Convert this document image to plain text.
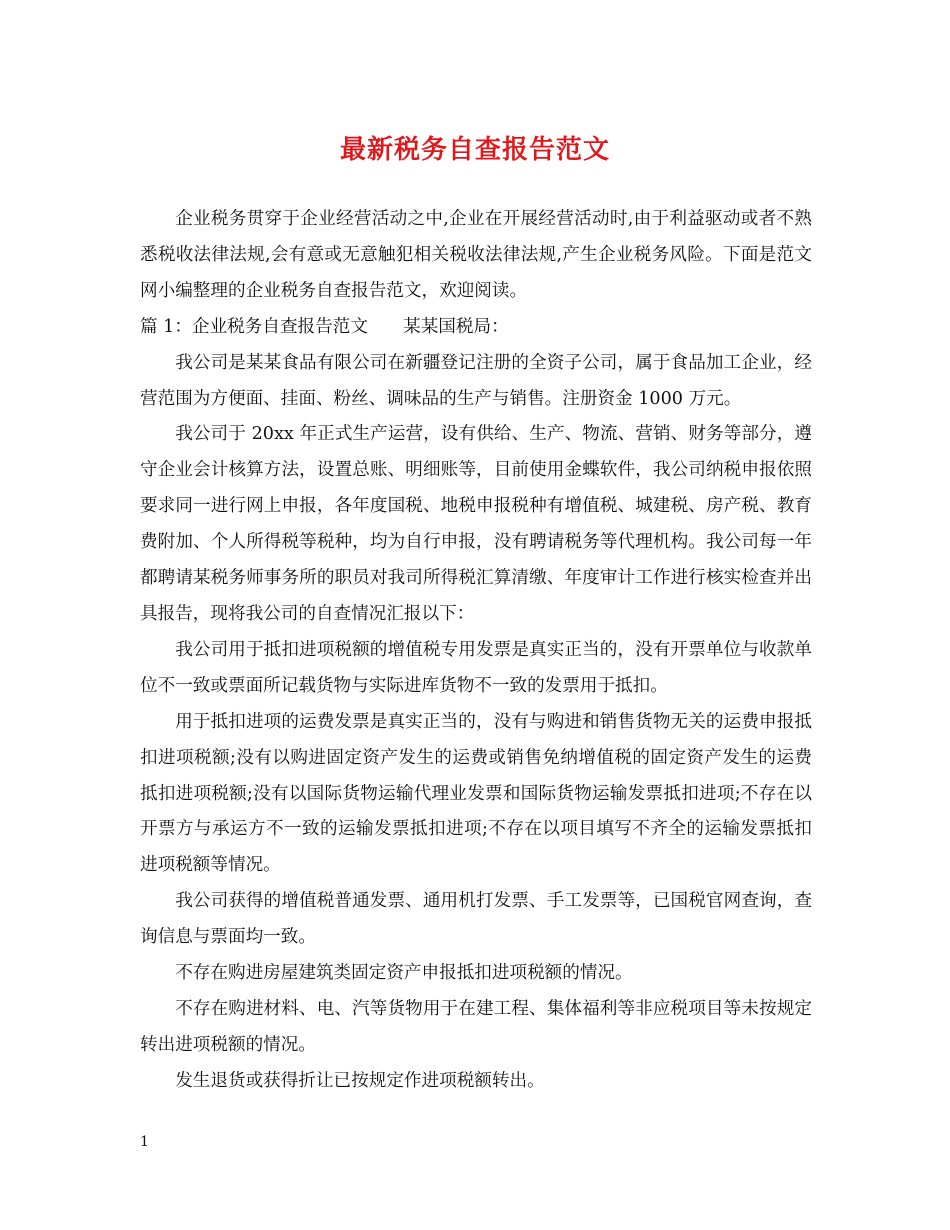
最新税务自查报告范文

企业税务贯穿于企业经营活动之中,企业在开展经营活动时,由于利益驱动或者不熟悉税收法律法规,会有意或无意触犯相关税收法律法规,产生企业税务风险。下面是范文网小编整理的企业税务自查报告范文，欢迎阅读。

篇 1：企业税务自查报告范文　　某某国税局：

我公司是某某食品有限公司在新疆登记注册的全资子公司，属于食品加工企业，经营范围为方便面、挂面、粉丝、调味品的生产与销售。注册资金 1000 万元。

我公司于 20xx 年正式生产运营，设有供给、生产、物流、营销、财务等部分，遵守企业会计核算方法，设置总账、明细账等，目前使用金蝶软件，我公司纳税申报依照要求同一进行网上申报，各年度国税、地税申报税种有增值税、城建税、房产税、教育费附加、个人所得税等税种，均为自行申报，没有聘请税务等代理机构。我公司每一年都聘请某税务师事务所的职员对我司所得税汇算清缴、年度审计工作进行核实检查并出具报告，现将我公司的自查情况汇报以下：

我公司用于抵扣进项税额的增值税专用发票是真实正当的，没有开票单位与收款单位不一致或票面所记载货物与实际进库货物不一致的发票用于抵扣。

用于抵扣进项的运费发票是真实正当的，没有与购进和销售货物无关的运费申报抵扣进项税额;没有以购进固定资产发生的运费或销售免纳增值税的固定资产发生的运费抵扣进项税额;没有以国际货物运输代理业发票和国际货物运输发票抵扣进项;不存在以开票方与承运方不一致的运输发票抵扣进项;不存在以项目填写不齐全的运输发票抵扣进项税额等情况。

我公司获得的增值税普通发票、通用机打发票、手工发票等，已国税官网查询，查询信息与票面均一致。

不存在购进房屋建筑类固定资产申报抵扣进项税额的情况。

不存在购进材料、电、汽等货物用于在建工程、集体福利等非应税项目等未按规定转出进项税额的情况。

发生退货或获得折让已按规定作进项税额转出。

1
